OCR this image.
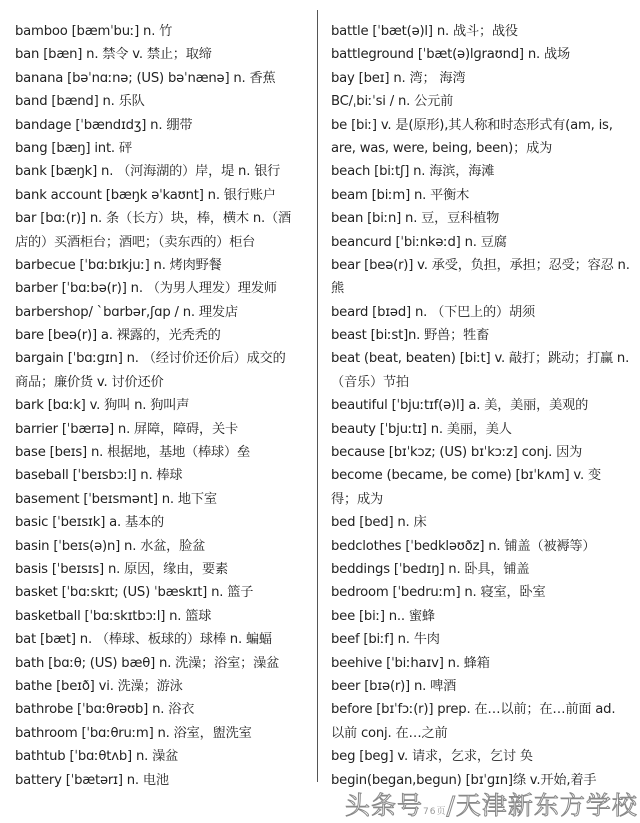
bamboo [bæmˈbuː] n. 竹
ban [bæn] n. 禁令 v. 禁止；取缔
banana [bəˈnɑːnə; (US) bəˈnænə] n. 香蕉
band [bænd] n. 乐队
bandage [ˈbændɪdʒ] n. 绷带
bang [bæŋ] int. 砰
bank [bæŋk] n. （河海湖的）岸，堤 n. 银行
bank account [bæŋk əˈkaʊnt] n. 银行账户
bar [bɑː(r)] n. 条（长方）块，棒，横木 n.（酒
店的）买酒柜台；酒吧；（卖东西的）柜台
barbecue [ˈbɑːbɪkjuː] n. 烤肉野餐
barber [ˈbɑːbə(r)] n. （为男人理发）理发师
barbershop/ ˋbɑrbər,ʃɑp / n. 理发店
bare [beə(r)] a. 裸露的，光秃秃的
bargain [ˈbɑːɡɪn] n. （经讨价还价后）成交的
商品；廉价货 v. 讨价还价
bark [bɑːk] v. 狗叫 n. 狗叫声
barrier [ˈbærɪə] n. 屏障，障碍，关卡
base [beɪs] n. 根据地，基地（棒球）垒
baseball [ˈbeɪsbɔːl] n. 棒球
basement [ˈbeɪsmənt] n. 地下室
basic [ˈbeɪsɪk] a. 基本的
basin [ˈbeɪs(ə)n] n. 水盆，脸盆
basis [ˈbeɪsɪs] n. 原因，缘由，要素
basket [ˈbɑːskɪt; (US) ˈbæskɪt] n. 篮子
basketball [ˈbɑːskɪtbɔːl] n. 篮球
bat [bæt] n. （棒球、板球的）球棒 n. 蝙蝠
bath [bɑːθ; (US) bæθ] n. 洗澡；浴室；澡盆
bathe [beɪð] vi. 洗澡；游泳
bathrobe [ˈbɑːθrəʊb] n. 浴衣
bathroom [ˈbɑːθruːm] n. 浴室，盥洗室
bathtub [ˈbɑːθtʌb] n. 澡盆
battery [ˈbætərɪ] n. 电池
battle [ˈbæt(ə)l] n. 战斗；战役
battleground [ˈbæt(ə)lɡraʊnd] n. 战场
bay [beɪ] n. 湾； 海湾
BC/ˌbiːˈsi / n. 公元前
be [biː] v. 是(原形),其人称和时态形式有(am, is,
are, was, were, being, been)；成为
beach [biːtʃ] n. 海滨，海滩
beam [biːm] n. 平衡木
bean [biːn] n. 豆，豆科植物
beancurd [ˈbiːnkəːd] n. 豆腐
bear [beə(r)] v. 承受，负担，承担；忍受；容忍 n.
熊
beard [bɪəd] n. （下巴上的）胡须
beast [biːst]n. 野兽；牲畜
beat (beat, beaten) [biːt] v. 敲打；跳动；打赢 n.
（音乐）节拍
beautiful [ˈbjuːtɪf(ə)l] a. 美，美丽，美观的
beauty [ˈbjuːtɪ] n. 美丽，美人
because [bɪˈkɔz; (US) bɪˈkɔːz] conj. 因为
become (became, be come) [bɪˈkʌm] v. 变
得；成为
bed [bed] n. 床
bedclothes [ˈbedkləʊðz] n. 铺盖（被褥等）
beddings [ˈbedɪŋ] n. 卧具，铺盖
bedroom [ˈbedruːm] n. 寝室，卧室
bee [biː] n.. 蜜蜂
beef [biːf] n. 牛肉
beehive [ˈbiːhaɪv] n. 蜂箱
beer [bɪə(r)] n. 啤酒
before [bɪˈfɔː(r)] prep. 在…以前；在…前面 ad.
以前 conj. 在…之前
beg [beg] v. 请求，乞求，乞讨 奂
begin(began,begun) [bɪˈɡɪn]绦 v.开始,着手
头条号76页/天津新东方学校
